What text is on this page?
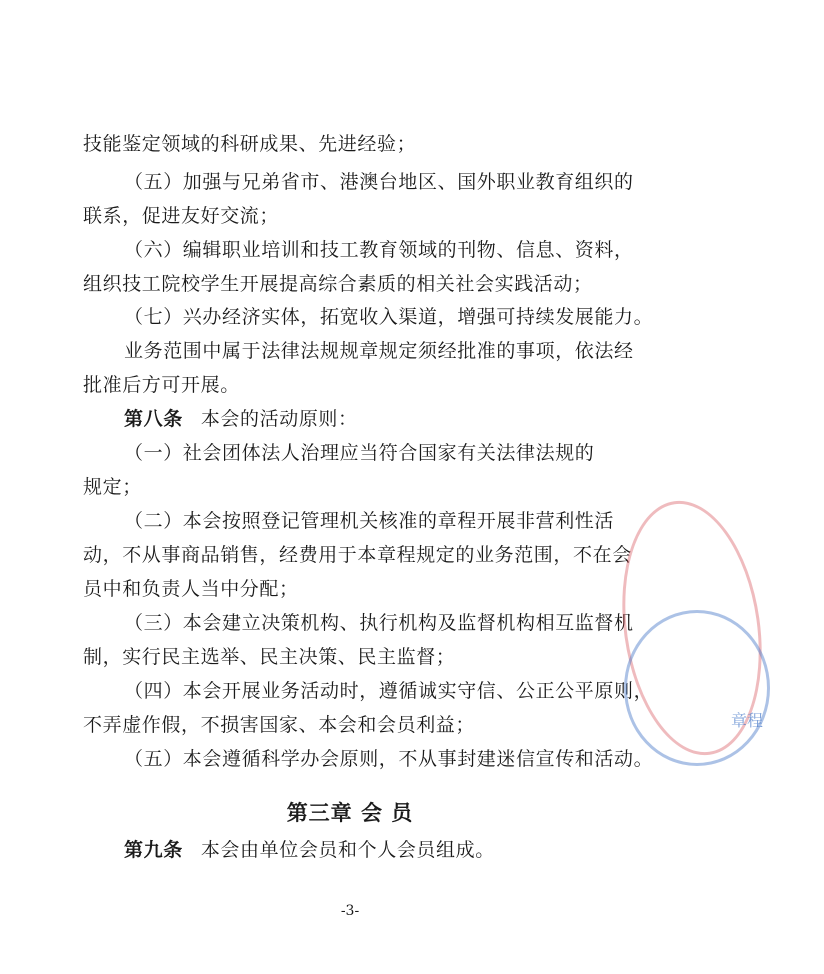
技能鉴定领域的科研成果、先进经验；
（五）加强与兄弟省市、港澳台地区、国外职业教育组织的
联系，促进友好交流；
（六）编辑职业培训和技工教育领域的刊物、信息、资料，
组织技工院校学生开展提高综合素质的相关社会实践活动；
（七）兴办经济实体，拓宽收入渠道，增强可持续发展能力。
业务范围中属于法律法规规章规定须经批准的事项，依法经
批准后方可开展。
第八条 本会的活动原则：
（一）社会团体法人治理应当符合国家有关法律法规的
规定；
（二）本会按照登记管理机关核准的章程开展非营利性活
动，不从事商品销售，经费用于本章程规定的业务范围，不在会
员中和负责人当中分配；
（三）本会建立决策机构、执行机构及监督机构相互监督机
制，实行民主选举、民主决策、民主监督；
（四）本会开展业务活动时，遵循诚实守信、公正公平原则，
不弄虚作假，不损害国家、本会和会员利益；
（五）本会遵循科学办会原则，不从事封建迷信宣传和活动。
第三章 会 员
第九条 本会由单位会员和个人会员组成。
-3-
章程
